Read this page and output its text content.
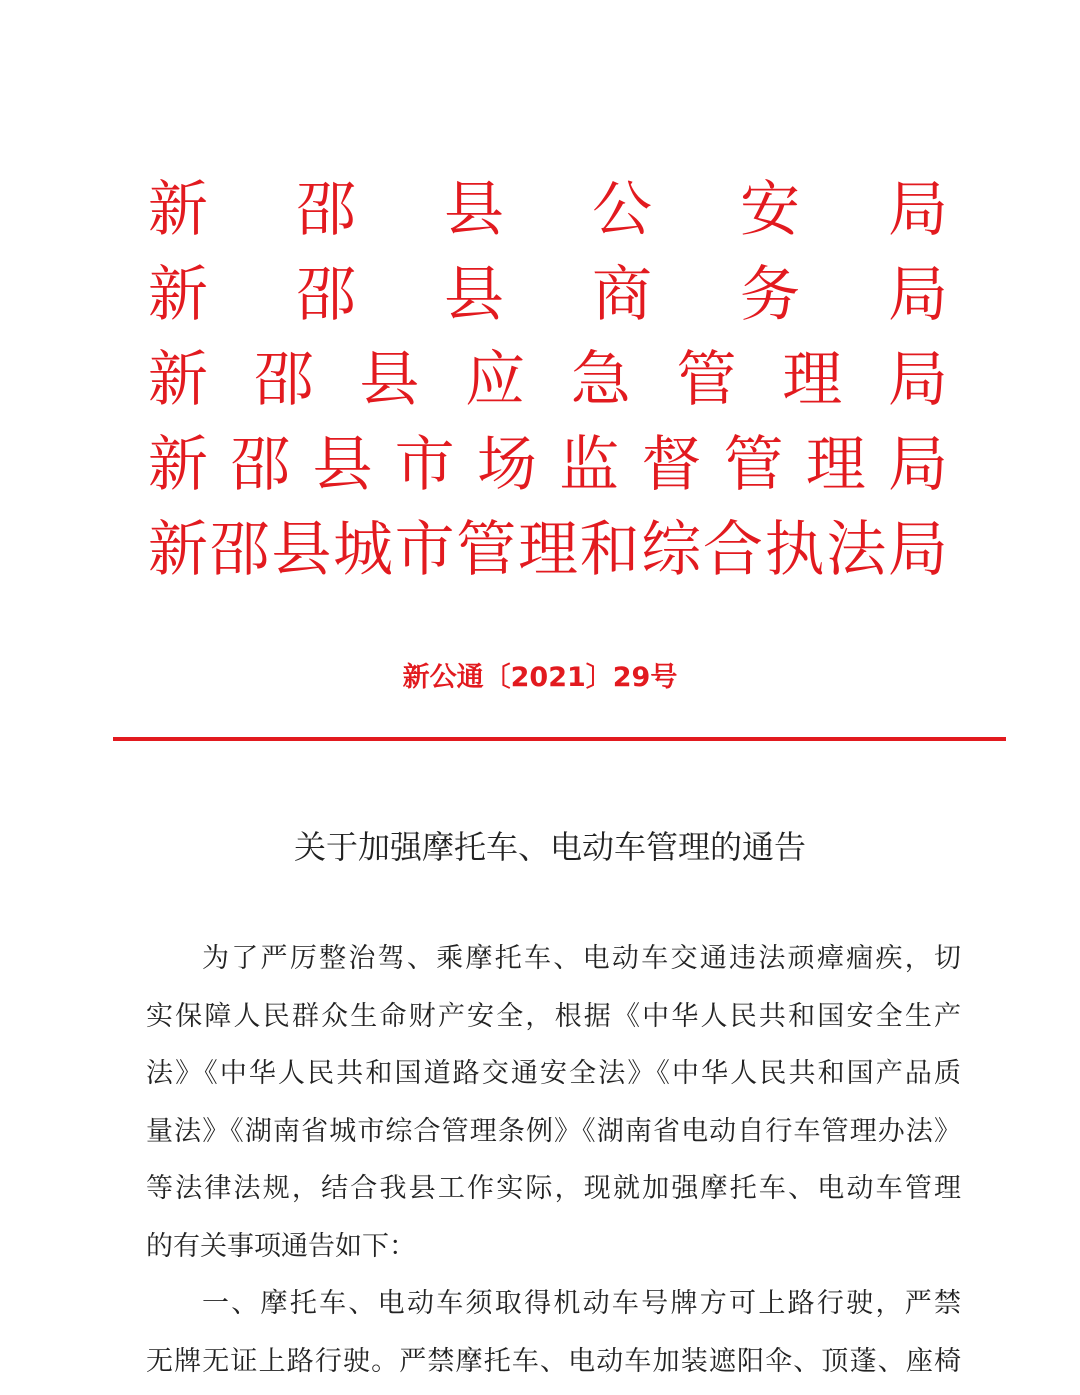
新 邵 县 公 安 局
新 邵 县 商 务 局
新 邵 县 应 急 管 理 局
新 邵 县 市 场 监 督 管 理 局
新 邵 县 城 市 管 理 和 综 合 执 法 局
新公通〔2021〕29号
关于加强摩托车、电动车管理的通告
为了严厉整治驾、乘摩托车、电动车交通违法顽瘴痼疾，切
实保障人民群众生命财产安全，根据《中华人民共和国安全生产
法》《中华人民共和国道路交通安全法》《中华人民共和国产品质
量法》《湖南省城市综合管理条例》《湖南省电动自行车管理办法》
等法律法规，结合我县工作实际，现就加强摩托车、电动车管理
的有关事项通告如下：
一、摩托车、电动车须取得机动车号牌方可上路行驶，严禁
无牌无证上路行驶。严禁摩托车、电动车加装遮阳伞、顶蓬、座椅
